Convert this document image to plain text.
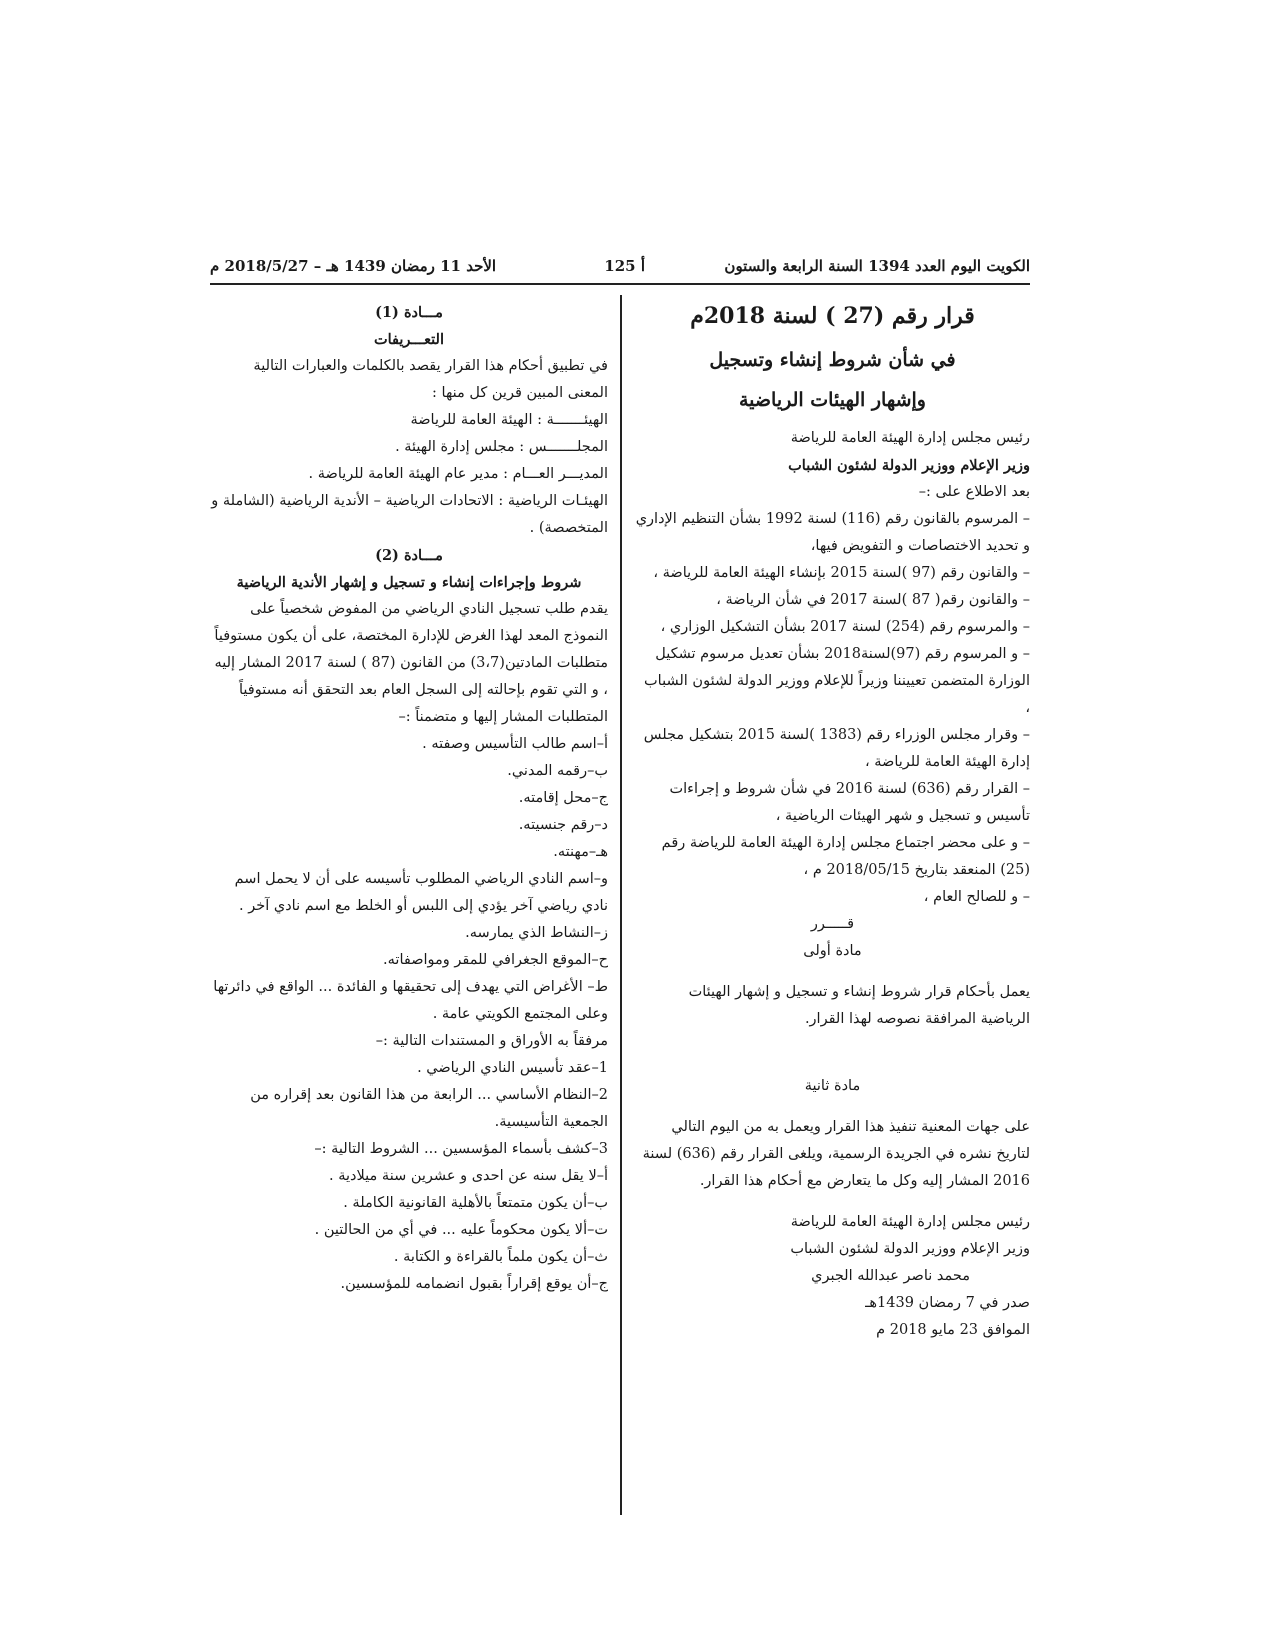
الكويت اليوم العدد 1394 السنة الرابعة والستون
أ 125
الأحد 11 رمضان 1439 هـ – 2018/5/27 م
قرار رقم (27 ) لسنة 2018م
في شأن شروط إنشاء وتسجيل
وإشهار الهيئات الرياضية

رئيس مجلس إدارة الهيئة العامة للرياضة

وزير الإعلام ووزير الدولة لشئون الشباب

بعد الاطلاع على :–

– المرسوم بالقانون رقم (116) لسنة 1992 بشأن التنظيم الإداري و تحديد الاختصاصات و التفويض فيها،

– والقانون رقم (97 )لسنة 2015 بإنشاء الهيئة العامة للرياضة ،

– والقانون رقم( 87 )لسنة 2017 في شأن الرياضة ،

– والمرسوم رقم (254) لسنة 2017 بشأن التشكيل الوزاري ،

– و المرسوم رقم (97)لسنة2018 بشأن تعديل مرسوم تشكيل الوزارة المتضمن تعييننا وزيراً للإعلام ووزير الدولة لشئون الشباب ،

– وقرار مجلس الوزراء رقم (1383 )لسنة 2015 بتشكيل مجلس إدارة الهيئة العامة للرياضة ،

– القرار رقم (636) لسنة 2016 في شأن شروط و إجراءات تأسيس و تسجيل و شهر الهيئات الرياضية ،

– و على محضر اجتماع مجلس إدارة الهيئة العامة للرياضة رقم (25) المنعقد بتاريخ 2018/05/15 م ،

– و للصالح العام ،

قـــــرر
مادة أولى

يعمل بأحكام قرار شروط إنشاء و تسجيل و إشهار الهيئات الرياضية المرافقة نصوصه لهذا القرار.

مادة ثانية

على جهات المعنية تنفيذ هذا القرار ويعمل به من اليوم التالي لتاريخ نشره في الجريدة الرسمية، ويلغى القرار رقم (636) لسنة 2016 المشار إليه وكل ما يتعارض مع أحكام هذا القرار.

رئيس مجلس إدارة الهيئة العامة للرياضة

وزير الإعلام ووزير الدولة لشئون الشباب

محمد ناصر عبدالله الجبري

صدر في 7 رمضان 1439هـ

الموافق 23 مايو 2018 م

مـــادة (1)
التعـــريفات

في تطبيق أحكام هذا القرار يقصد بالكلمات والعبارات التالية المعنى المبين قرين كل منها :

الهيئـــــــة : الهيئة العامة للرياضة

المجلـــــــس : مجلس إدارة الهيئة .

المديـــر العـــام : مدير عام الهيئة العامة للرياضة .

الهيئـات الرياضية : الاتحادات الرياضية – الأندية الرياضية (الشاملة و المتخصصة) .

مـــادة (2)
شروط وإجراءات إنشاء و تسجيل و إشهار الأندية الرياضية

يقدم طلب تسجيل النادي الرياضي من المفوض شخصياً على النموذج المعد لهذا الغرض للإدارة المختصة، على أن يكون مستوفياً متطلبات المادتين(3،7) من القانون (87 ) لسنة 2017 المشار إليه ، و التي تقوم بإحالته إلى السجل العام بعد التحقق أنه مستوفياً المتطلبات المشار إليها و متضمناً :–

أ–اسم طالب التأسيس وصفته .

ب–رقمه المدني.

ج–محل إقامته.

د–رقم جنسيته.

هـ–مهنته.

و–اسم النادي الرياضي المطلوب تأسيسه على أن لا يحمل اسم نادي رياضي آخر يؤدي إلى اللبس أو الخلط مع اسم نادي آخر .

ز–النشاط الذي يمارسه.

ح–الموقع الجغرافي للمقر ومواصفاته.

ط– الأغراض التي يهدف إلى تحقيقها و الفائدة ... الواقع في دائرتها وعلى المجتمع الكويتي عامة .

مرفقاً به الأوراق و المستندات التالية :–

1–عقد تأسيس النادي الرياضي .

2–النظام الأساسي ... الرابعة من هذا القانون بعد إقراره من الجمعية التأسيسية.

3–كشف بأسماء المؤسسين ... الشروط التالية :–

أ–لا يقل سنه عن احدى و عشرين سنة ميلادية .

ب–أن يكون متمتعاً بالأهلية القانونية الكاملة .

ت–ألا يكون محكوماً عليه ... في أي من الحالتين .

ث–أن يكون ملماً بالقراءة و الكتابة .

ج–أن يوقع إقراراً بقبول انضمامه للمؤسسين.
